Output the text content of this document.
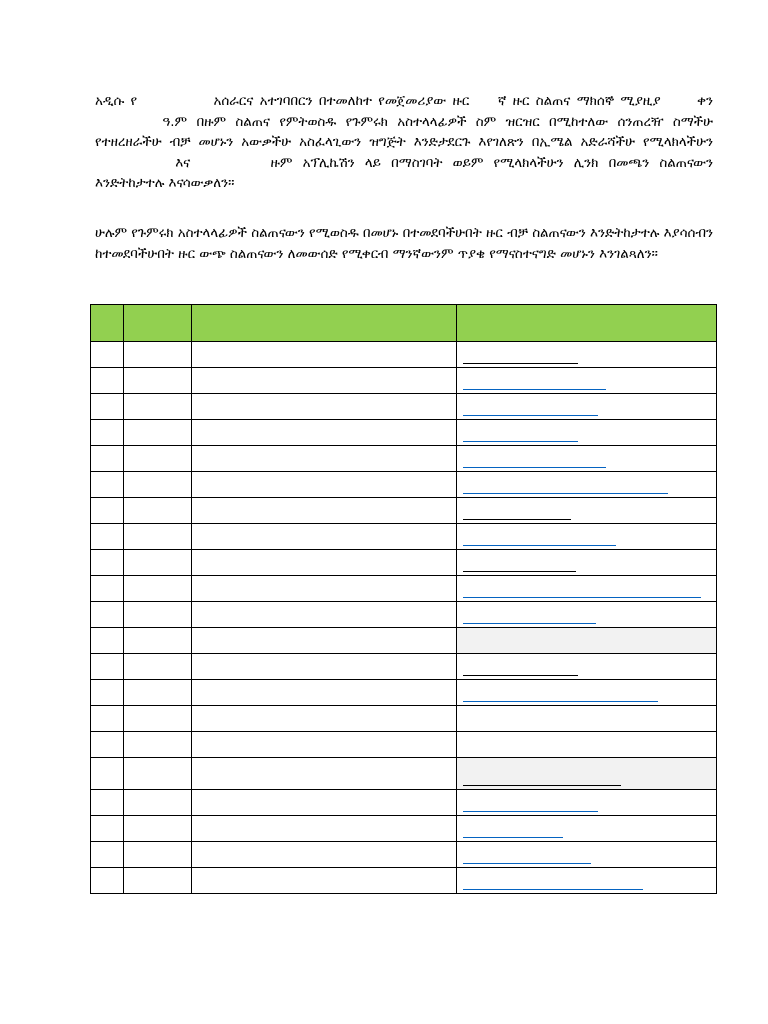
አዲሱ የ	አሰራርና አተገባበርን በተመለከተ የመጀመሪያው ዙር ኛ ዙር ስልጠና ማክሰኞ ሚያዚያ	ቀን ዓ.ም በዙም ስልጠና የምትወስዱ የጉምሩክ አስተላላፊዎች ስም ዝርዝር በሚከተለው ሰንጠረዥ ስማችሁ የተዘረዘራችሁ ብቻ መሆኑን አውቃችሁ አስፈላጊውን ዝግጅት እንድታደርጉ እየገለጽን በኢሜል አድራሻችሁ የሚላክላችሁን እና	ዙም አፕሊኬሽን ላይ በማስገባት ወይም የሚላክላችሁን ሊንክ በመጫን ስልጠናውን እንድትከታተሉ እናሳውቃለን።

ሁሉም የጉምሩክ አስተላላፊዎች ስልጠናውን የሚወስዱ በመሆኑ በተመደባችሁበት ዙር ብቻ ስልጠናውን እንድትከታተሉ እያሳሰብን ከተመደባችሁበት ዙር ውጭ ስልጠናውን ለመውሰድ የሚቀርብ ማንኛውንም ጥያቄ የማናስተናግድ መሆኑን እንገልጻለን።
